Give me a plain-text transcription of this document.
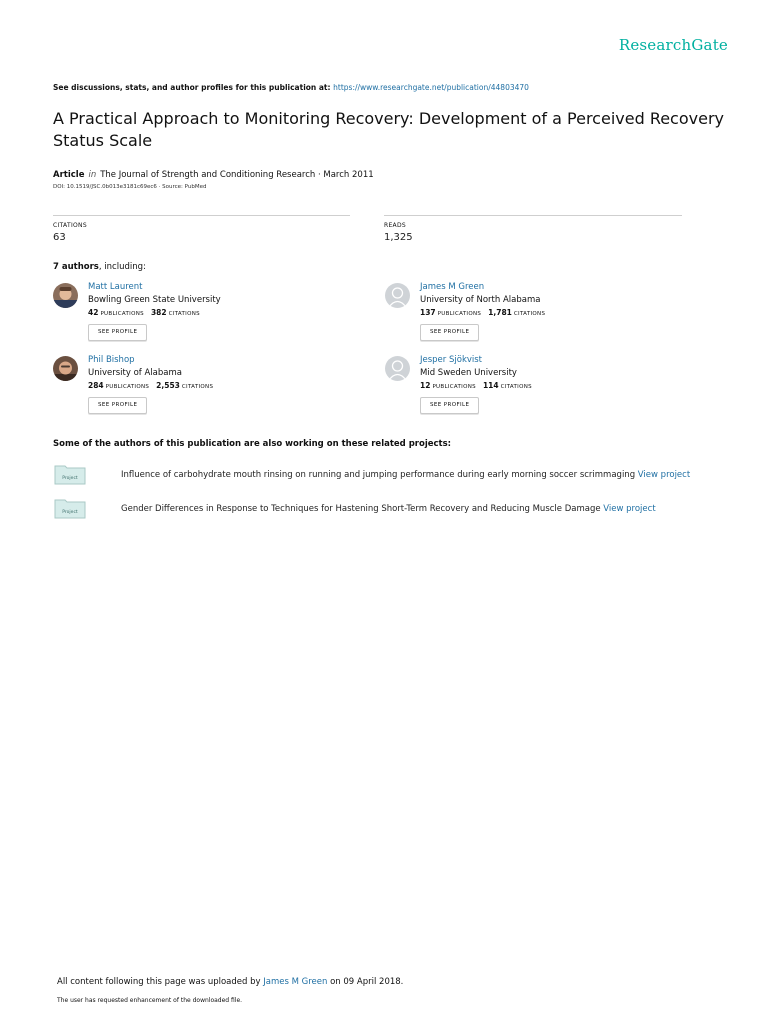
ResearchGate
See discussions, stats, and author profiles for this publication at: https://www.researchgate.net/publication/44803470
A Practical Approach to Monitoring Recovery: Development of a Perceived Recovery Status Scale
Article in The Journal of Strength and Conditioning Research · March 2011
DOI: 10.1519/JSC.0b013e3181c69ec6 · Source: PubMed
CITATIONS
63
READS
1,325
7 authors, including:
Matt Laurent
Bowling Green State University
42 PUBLICATIONS 382 CITATIONS
SEE PROFILE
James M Green
University of North Alabama
137 PUBLICATIONS 1,781 CITATIONS
SEE PROFILE
Phil Bishop
University of Alabama
284 PUBLICATIONS 2,553 CITATIONS
SEE PROFILE
Jesper Sjökvist
Mid Sweden University
12 PUBLICATIONS 114 CITATIONS
SEE PROFILE
Some of the authors of this publication are also working on these related projects:
Project	Influence of carbohydrate mouth rinsing on running and jumping performance during early morning soccer scrimmaging View project
Project	Gender Differences in Response to Techniques for Hastening Short-Term Recovery and Reducing Muscle Damage View project
All content following this page was uploaded by James M Green on 09 April 2018.
The user has requested enhancement of the downloaded file.
